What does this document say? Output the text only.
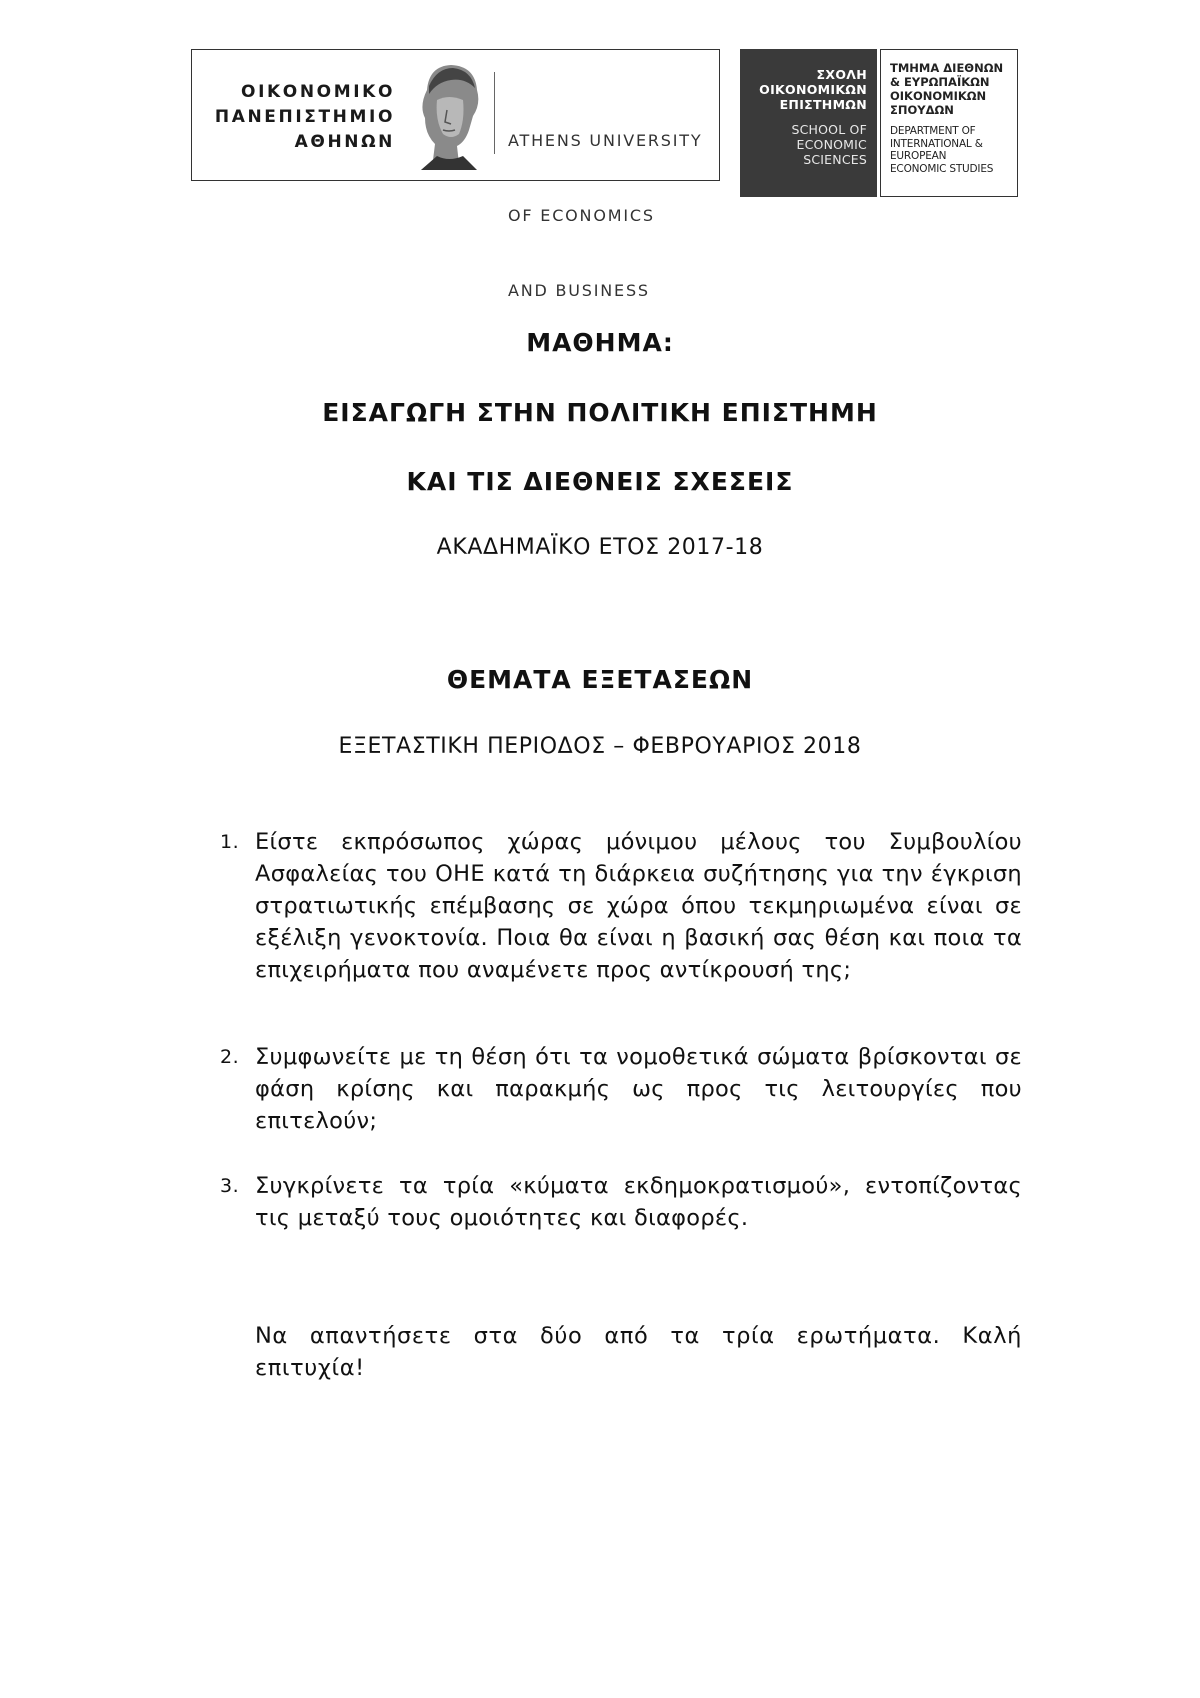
ΟΙΚΟΝΟΜΙΚΟ
ΠΑΝΕΠΙΣΤΗΜΙΟ
ΑΘΗΝΩΝ

	ATHENS UNIVERSITY

OF ECONOMICS

AND BUSINESS

ΣΧΟΛΗ
ΟΙΚΟΝΟΜΙΚΩΝ
ΕΠΙΣΤΗΜΩΝ
SCHOOL OF
ECONOMIC
SCIENCES
ΤΜΗΜΑ ΔΙΕΘΝΩΝ
& ΕΥΡΩΠΑΪΚΩΝ
ΟΙΚΟΝΟΜΙΚΩΝ
ΣΠΟΥΔΩΝ
DEPARTMENT OF
INTERNATIONAL &
EUROPEAN
ECONOMIC STUDIES
ΜΑΘΗΜΑ:
ΕΙΣΑΓΩΓΗ ΣΤΗΝ ΠΟΛΙΤΙΚΗ ΕΠΙΣΤΗΜΗ
ΚΑΙ ΤΙΣ ΔΙΕΘΝΕΙΣ ΣΧΕΣΕΙΣ
ΑΚΑΔΗΜΑΪΚΟ ΕΤΟΣ 2017-18
ΘΕΜΑΤΑ ΕΞΕΤΑΣΕΩΝ
ΕΞΕΤΑΣΤΙΚΗ ΠΕΡΙΟΔΟΣ – ΦΕΒΡΟΥΑΡΙΟΣ 2018
1. Είστε εκπρόσωπος χώρας μόνιμου μέλους του Συμβουλίου Ασφαλείας του ΟΗΕ κατά τη διάρκεια συζήτησης για την έγκριση στρατιωτικής επέμβασης σε χώρα όπου τεκμηριωμένα είναι σε εξέλιξη γενοκτονία. Ποια θα είναι η βασική σας θέση και ποια τα επιχειρήματα που αναμένετε προς αντίκρουσή της;
2. Συμφωνείτε με τη θέση ότι τα νομοθετικά σώματα βρίσκονται σε φάση κρίσης και παρακμής ως προς τις λειτουργίες που επιτελούν;
3. Συγκρίνετε τα τρία «κύματα εκδημοκρατισμού», εντοπίζοντας τις μεταξύ τους ομοιότητες και διαφορές.
Να απαντήσετε στα δύο από τα τρία ερωτήματα. Καλή επιτυχία!
